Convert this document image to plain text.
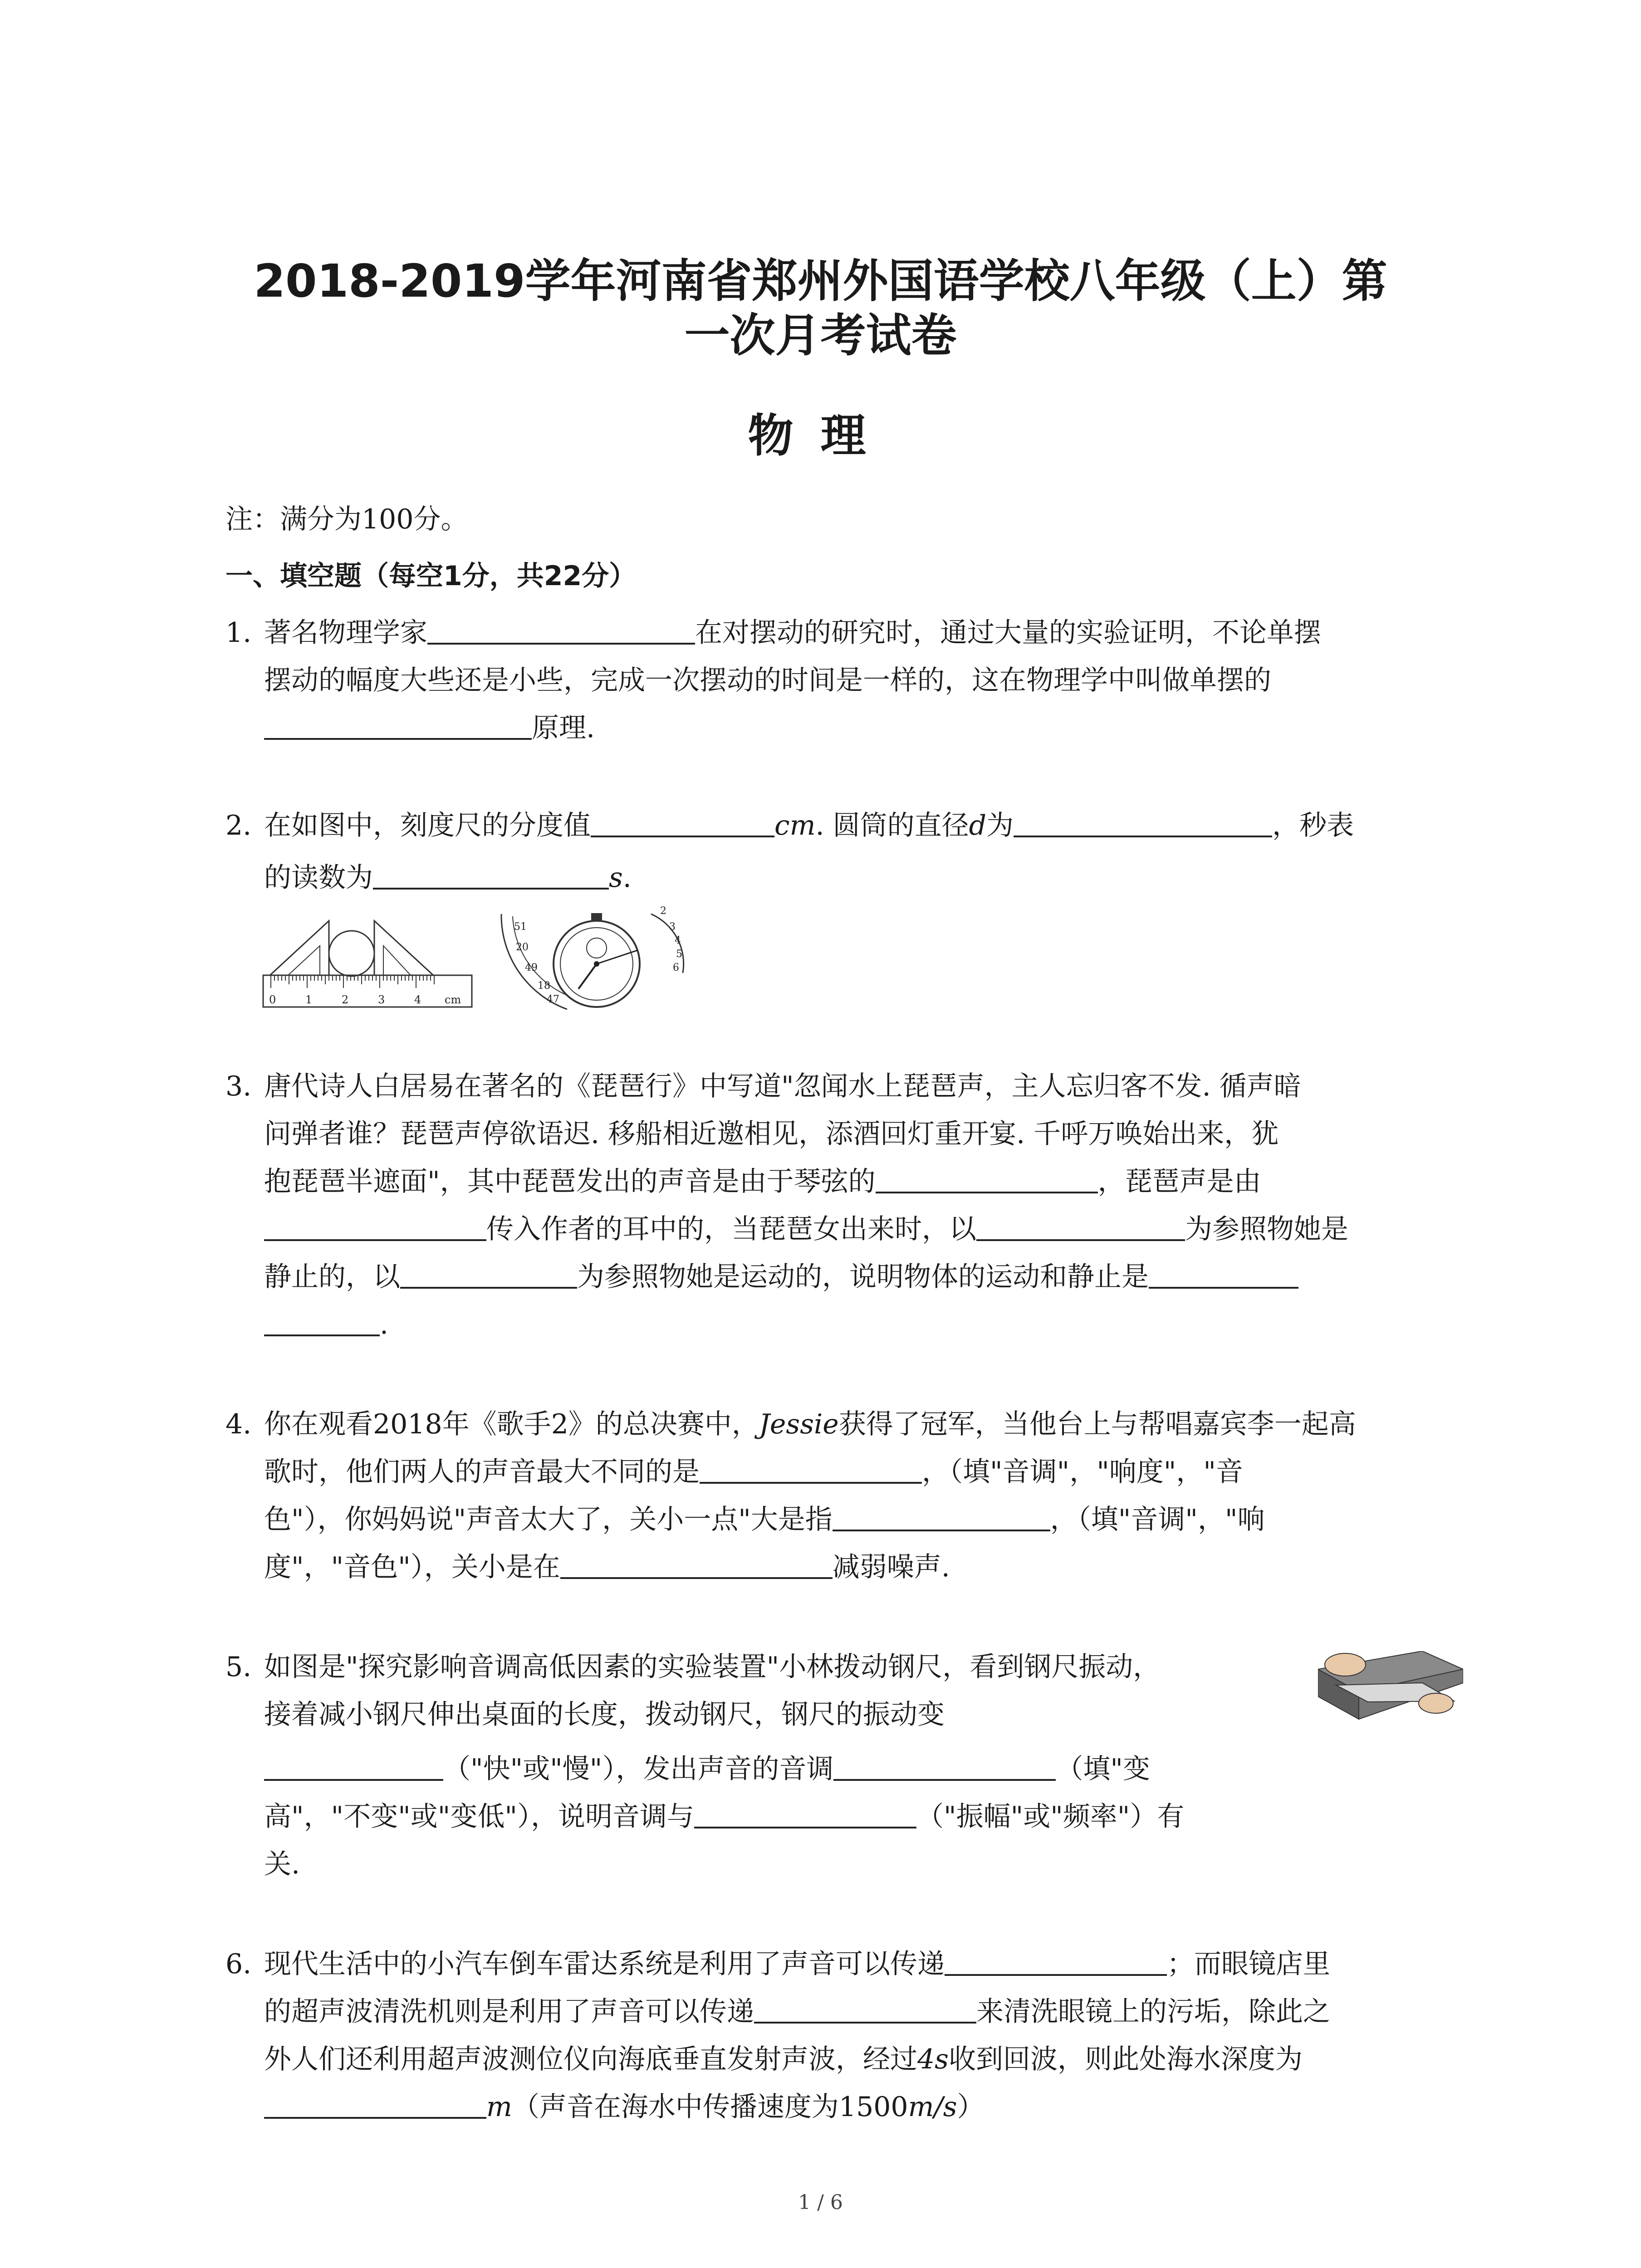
2018-2019学年河南省郑州外国语学校八年级（上）第
一次月考试卷
物理
注：满分为100分。
一、填空题（每空1分，共22分）
1. 著名物理学家	在对摆动的研究时，通过大量的实验证明，不论单摆
摆动的幅度大些还是小些，完成一次摆动的时间是一样的，这在物理学中叫做单摆的
原理.
2. 在如图中，刻度尺的分度值	cm. 圆筒的直径d为	，秒表
的读数为	s.
0	1	2	3	4 cm
51
20
49
18
47
2
3
4
5
6
3. 唐代诗人白居易在著名的《琵琶行》中写道"忽闻水上琵琶声，主人忘归客不发. 循声暗
问弹者谁？琵琶声停欲语迟. 移船相近邀相见，添酒回灯重开宴. 千呼万唤始出来，犹
抱琵琶半遮面"，其中琵琶发出的声音是由于琴弦的	，琵琶声是由
传入作者的耳中的，当琵琶女出来时，以	为参照物她是
静止的，以	为参照物她是运动的，说明物体的运动和静止是
.
4. 你在观看2018年《歌手2》的总决赛中，Jessie获得了冠军，当他台上与帮唱嘉宾李一起高
歌时，他们两人的声音最大不同的是	，（填"音调"，"响度"，"音
色"），你妈妈说"声音太大了，关小一点"大是指	，（填"音调"，"响
度"，"音色"），关小是在	减弱噪声.
5. 如图是"探究影响音调高低因素的实验装置"小林拨动钢尺，看到钢尺振动，
接着减小钢尺伸出桌面的长度，拨动钢尺，钢尺的振动变
（"快"或"慢"），发出声音的音调	（填"变
高"，"不变"或"变低"），说明音调与	（"振幅"或"频率"）有
关.
6. 现代生活中的小汽车倒车雷达系统是利用了声音可以传递	；而眼镜店里
的超声波清洗机则是利用了声音可以传递	来清洗眼镜上的污垢，除此之
外人们还利用超声波测位仪向海底垂直发射声波，经过4s收到回波，则此处海水深度为
m（声音在海水中传播速度为1500m/s）
1 / 6
